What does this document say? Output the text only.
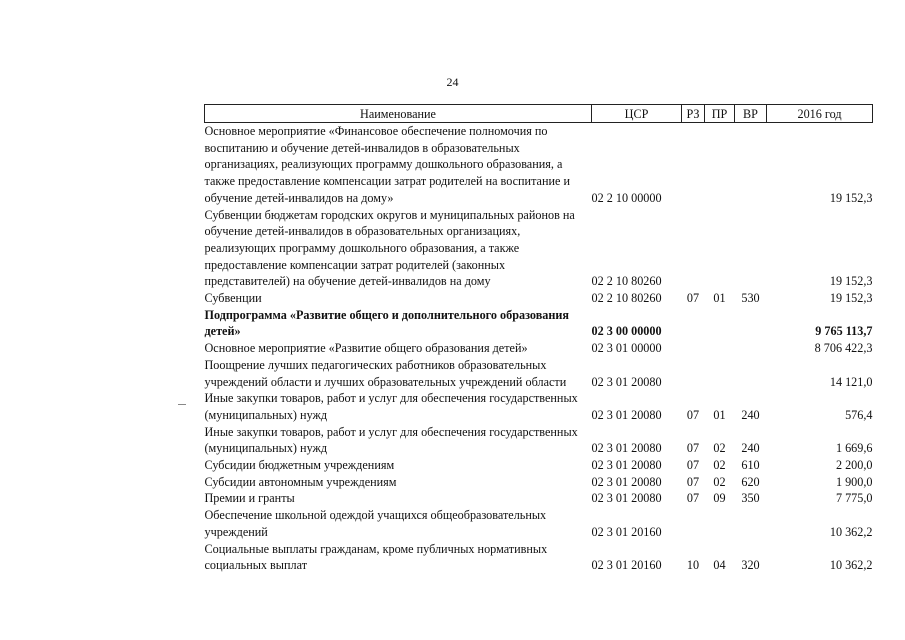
24
Наименование	ЦСР	РЗ	ПР	ВР	2016 год
Основное мероприятие «Финансовое обеспечение полномочия по воспитанию и обучение детей-инвалидов в образовательных организациях, реализующих программу дошкольного образования, а также предоставление компенсации затрат родителей на воспитание и обучение детей-инвалидов на дому»	02 2 10 00000				19 152,3
Субвенции бюджетам городских округов и муниципальных районов на обучение детей-инвалидов в образовательных организациях, реализующих программу дошкольного образования, а также предоставление компенсации затрат родителей (законных представителей) на обучение детей-инвалидов на дому	02 2 10 80260				19 152,3
Субвенции	02 2 10 80260	07	01	530	19 152,3
Подпрограмма «Развитие общего и дополнительного образования детей»	02 3 00 00000				9 765 113,7
Основное мероприятие «Развитие общего образования детей»	02 3 01 00000				8 706 422,3
Поощрение лучших педагогических работников образовательных учреждений области и лучших образовательных учреждений области	02 3 01 20080				14 121,0
Иные закупки товаров, работ и услуг для обеспечения государственных (муниципальных) нужд	02 3 01 20080	07	01	240	576,4
Иные закупки товаров, работ и услуг для обеспечения государственных (муниципальных) нужд	02 3 01 20080	07	02	240	1 669,6
Субсидии бюджетным учреждениям	02 3 01 20080	07	02	610	2 200,0
Субсидии автономным учреждениям	02 3 01 20080	07	02	620	1 900,0
Премии и гранты	02 3 01 20080	07	09	350	7 775,0
Обеспечение школьной одеждой учащихся общеобразовательных учреждений	02 3 01 20160				10 362,2
Социальные выплаты гражданам, кроме публичных нормативных социальных выплат	02 3 01 20160	10	04	320	10 362,2
